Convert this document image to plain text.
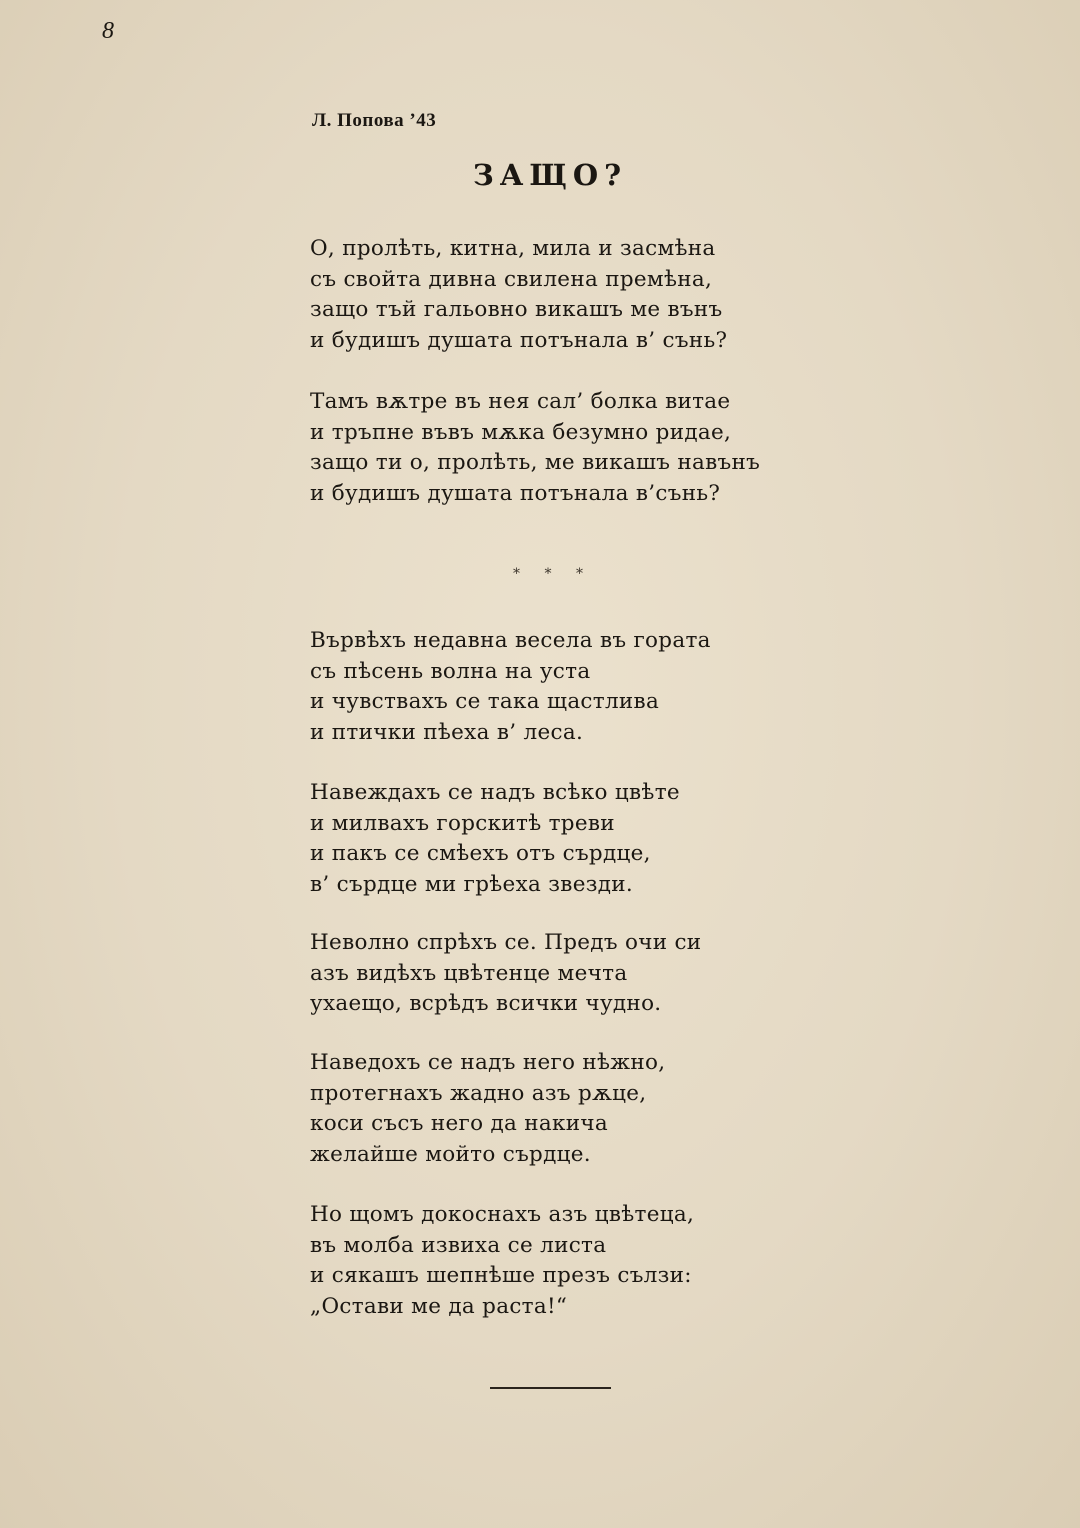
8
Л. Попова ’43
ЗАЩО?
О, пролѣть, китна, мила и засмѣна
съ свойта дивна свилена премѣна,
защо тъй гальовно викашъ ме вънъ
и будишъ душата потънала в’ сънь?
Тамъ вѫтре въ нея сал’ болка витае
и тръпне въвъ мѫка безумно ридае,
защо ти о, пролѣть, ме викашъ навънъ
и будишъ душата потънала в’сънь?
* * *
Вървѣхъ недавна весела въ гората
съ пѣсень волна на уста
и чувствахъ се така щастлива
и птички пѣеха в’ леса.
Навеждахъ се надъ всѣко цвѣте
и милвахъ горскитѣ треви
и пакъ се смѣехъ отъ сърдце,
в’ сърдце ми грѣеха звезди.
Неволно спрѣхъ се. Предъ очи си
азъ видѣхъ цвѣтенце мечта
ухаещо, всрѣдъ всички чудно.
Наведохъ се надъ него нѣжно,
протегнахъ жадно азъ рѫце,
коси съсъ него да накича
желайше мойто сърдце.
Но щомъ докоснахъ азъ цвѣтеца,
въ молба извиха се листа
и сякашъ шепнѣше презъ сълзи:
„Остави ме да раста!“
